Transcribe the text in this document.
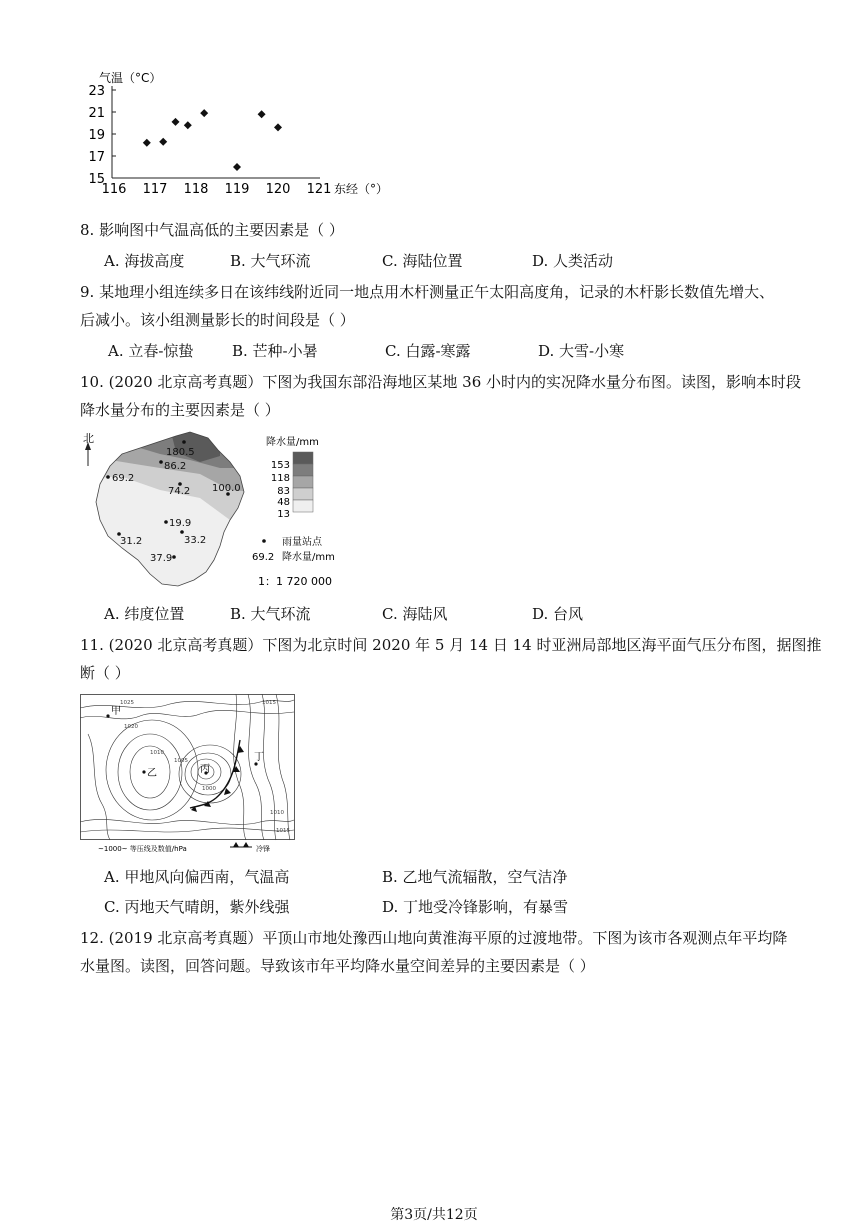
气温（°C）
23
21
19
17
15
116 117 118 119 120 121 东经（°）
8. 影响图中气温高低的主要因素是（ ）
A. 海拔高度	B. 大气环流	C. 海陆位置	D. 人类活动
9. 某地理小组连续多日在该纬线附近同一地点用木杆测量正午太阳高度角，记录的木杆影长数值先增大、
后减小。该小组测量影长的时间段是（ ）
A. 立春-惊蛰	B. 芒种-小暑	C. 白露-寒露	D. 大雪-小寒
10. (2020 北京高考真题）下图为我国东部沿海地区某地 36 小时内的实况降水量分布图。读图，影响本时段
降水量分布的主要因素是（ ）
北
180.5
86.2
69.2
74.2 100.0
19.9
31.2	33.2
37.9
降水量/mm
153
118
83
48
13
雨量站点
69.2 降水量/mm
1：1 720 000
A. 纬度位置	B. 大气环流	C. 海陆风	D. 台风
11. (2020 北京高考真题）下图为北京时间 2020 年 5 月 14 日 14 时亚洲局部地区海平面气压分布图，据图推
断（ ）
甲
乙	丙
丁
1025
1020
1015
1010
1005
1000
1010
1015
~1000~ 等压线及数值/hPa	冷锋
A. 甲地风向偏西南，气温高	B. 乙地气流辐散，空气洁净
C. 丙地天气晴朗，紫外线强	D. 丁地受冷锋影响，有暴雪
12. (2019 北京高考真题）平顶山市地处豫西山地向黄淮海平原的过渡地带。下图为该市各观测点年平均降
水量图。读图，回答问题。导致该市年平均降水量空间差异的主要因素是（ ）
第3页/共12页
